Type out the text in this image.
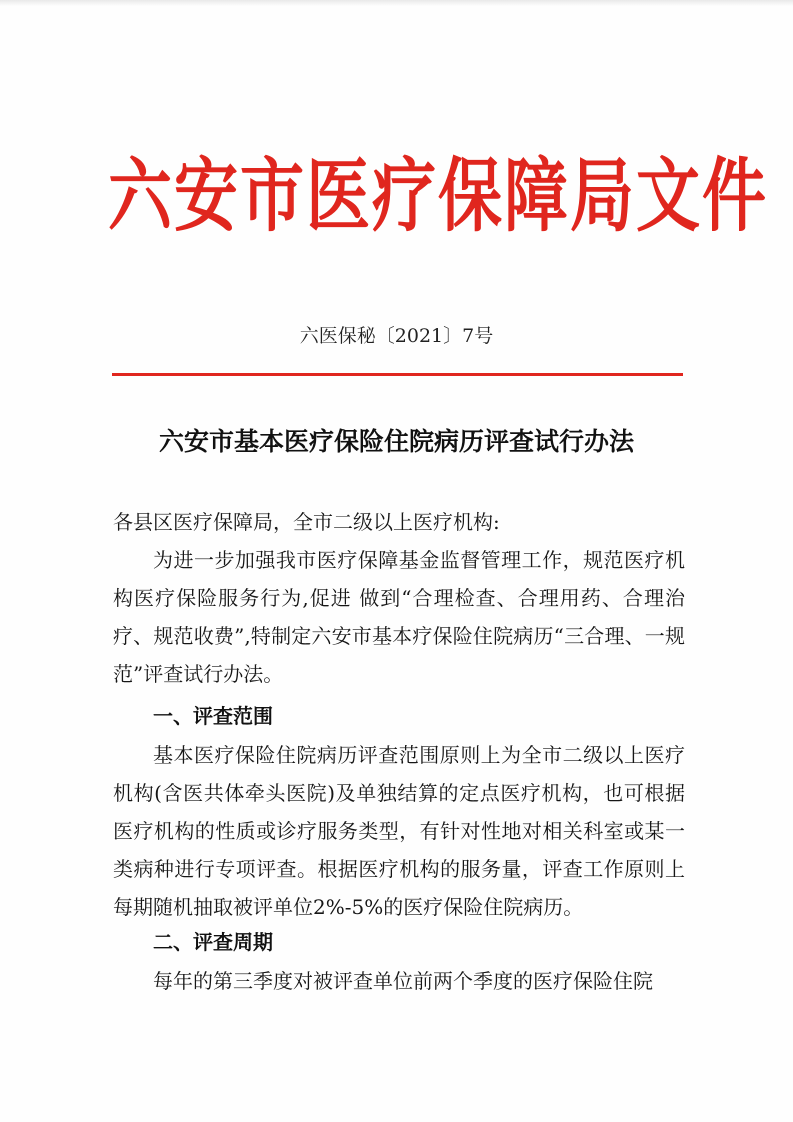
六安市医疗保障局文件
六医保秘〔2021〕7号
六安市基本医疗保险住院病历评查试行办法

各县区医疗保障局，全市二级以上医疗机构:

为进一步加强我市医疗保障基金监督管理工作，规范医疗机构医疗保险服务行为,促进 做到“合理检查、合理用药、合理治疗、规范收费”,特制定六安市基本疗保险住院病历“三合理、一规范”评查试行办法。

一、评查范围

基本医疗保险住院病历评查范围原则上为全市二级以上医疗机构(含医共体牵头医院)及单独结算的定点医疗机构，也可根据医疗机构的性质或诊疗服务类型，有针对性地对相关科室或某一类病种进行专项评查。根据医疗机构的服务量，评查工作原则上每期随机抽取被评单位2%-5%的医疗保险住院病历。

二、评查周期

每年的第三季度对被评查单位前两个季度的医疗保险住院
